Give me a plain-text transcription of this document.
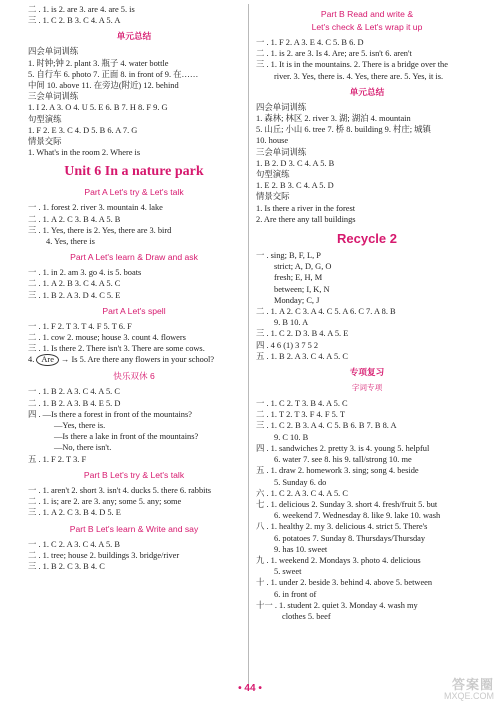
二 . 1. is 2. are 3. are 4. are 5. is
三 . 1. C 2. B 3. C 4. A 5. A
单元总结
四会单词训练
1. 时钟;钟 2. plant 3. 瓶子 4. water bottle
5. 自行车 6. photo 7. 正面 8. in front of 9. 在……
中间 10. above 11. 在旁边(附近) 12. behind
三会单词训练
1. I 2. A 3. O 4. U 5. E 6. B 7. H 8. F 9. G
句型演练
1. F 2. E 3. C 4. D 5. B 6. A 7. G
情景交际
1. What's in the room 2. Where is
Unit 6 In a nature park
Part A Let's try & Let's talk
一 . 1. forest 2. river 3. mountain 4. lake
二 . 1. A 2. C 3. B 4. A 5. B
三 . 1. Yes, there is 2. Yes, there are 3. bird
4. Yes, there is
Part A Let's learn & Draw and ask
一 . 1. in 2. am 3. go 4. is 5. boats
二 . 1. A 2. B 3. C 4. A 5. C
三 . 1. B 2. A 3. D 4. C 5. E
Part A Let's spell
一 . 1. F 2. T 3. T 4. F 5. T 6. F
二 . 1. cow 2. mouse; house 3. count 4. flowers
三 . 1. Is there 2. There isn't 3. There are some cows.
4. Are → Is 5. Are there any flowers in your school?
快乐双休 6
一 . 1. B 2. A 3. C 4. A 5. C
二 . 1. B 2. A 3. B 4. E 5. D
四 . —Is there a forest in front of the mountains?
—Yes, there is.
—Is there a lake in front of the mountains?
—No, there isn't.
五 . 1. F 2. T 3. F
Part B Let's try & Let's talk
一 . 1. aren't 2. short 3. isn't 4. ducks 5. there 6. rabbits
二 . 1. is; are 2. are 3. any; some 5. any; some
三 . 1. A 2. C 3. B 4. D 5. E
Part B Let's learn & Write and say
一 . 1. C 2. A 3. C 4. A 5. B
二 . 1. tree; house 2. buildings 3. bridge/river
三 . 1. B 2. C 3. B 4. C
Part B Read and write &
Let's check & Let's wrap it up
一 . 1. F 2. A 3. E 4. C 5. B 6. D
二 . 1. is 2. are 3. Is 4. Are; are 5. isn't 6. aren't
三 . 1. It is in the mountains. 2. There is a bridge over the
river. 3. Yes, there is. 4. Yes, there are. 5. Yes, it is.
单元总结
四会单词训练
1. 森林; 林区 2. river 3. 湖; 湖泊 4. mountain
5. 山丘; 小山 6. tree 7. 桥 8. building 9. 村庄; 城镇
10. house
三会单词训练
1. B 2. D 3. C 4. A 5. B
句型演练
1. E 2. B 3. C 4. A 5. D
情景交际
1. Is there a river in the forest
2. Are there any tall buildings
Recycle 2
一 . sing; B, F, L, P
strict; A, D, G, O
fresh; E, H, M
between; I, K, N
Monday; C, J
二 . 1. A 2. C 3. A 4. C 5. A 6. C 7. A 8. B
9. B 10. A
三 . 1. C 2. D 3. B 4. A 5. E
四 . 4 6 (1) 3 7 5 2
五 . 1. B 2. A 3. C 4. A 5. C
专项复习
字词专项
一 . 1. C 2. T 3. B 4. A 5. C
二 . 1. T 2. T 3. F 4. F 5. T
三 . 1. C 2. B 3. A 4. C 5. B 6. B 7. B 8. A
9. C 10. B
四 . 1. sandwiches 2. pretty 3. is 4. young 5. helpful
6. water 7. see 8. his 9. tall/strong 10. me
五 . 1. draw 2. homework 3. sing; song 4. beside
5. Sunday 6. do
六 . 1. C 2. A 3. C 4. A 5. C
七 . 1. delicious 2. Sunday 3. short 4. fresh/fruit 5. but
6. weekend 7. Wednesday 8. like 9. lake 10. wash
八 . 1. healthy 2. my 3. delicious 4. strict 5. There's
6. potatoes 7. Sunday 8. Thursdays/Thursday
9. has 10. sweet
九 . 1. weekend 2. Mondays 3. photo 4. delicious
5. sweet
十 . 1. under 2. beside 3. behind 4. above 5. between
6. in front of
十一 . 1. student 2. quiet 3. Monday 4. wash my
clothes 5. beef
• 44 •	答案圈
MXQE.COM
